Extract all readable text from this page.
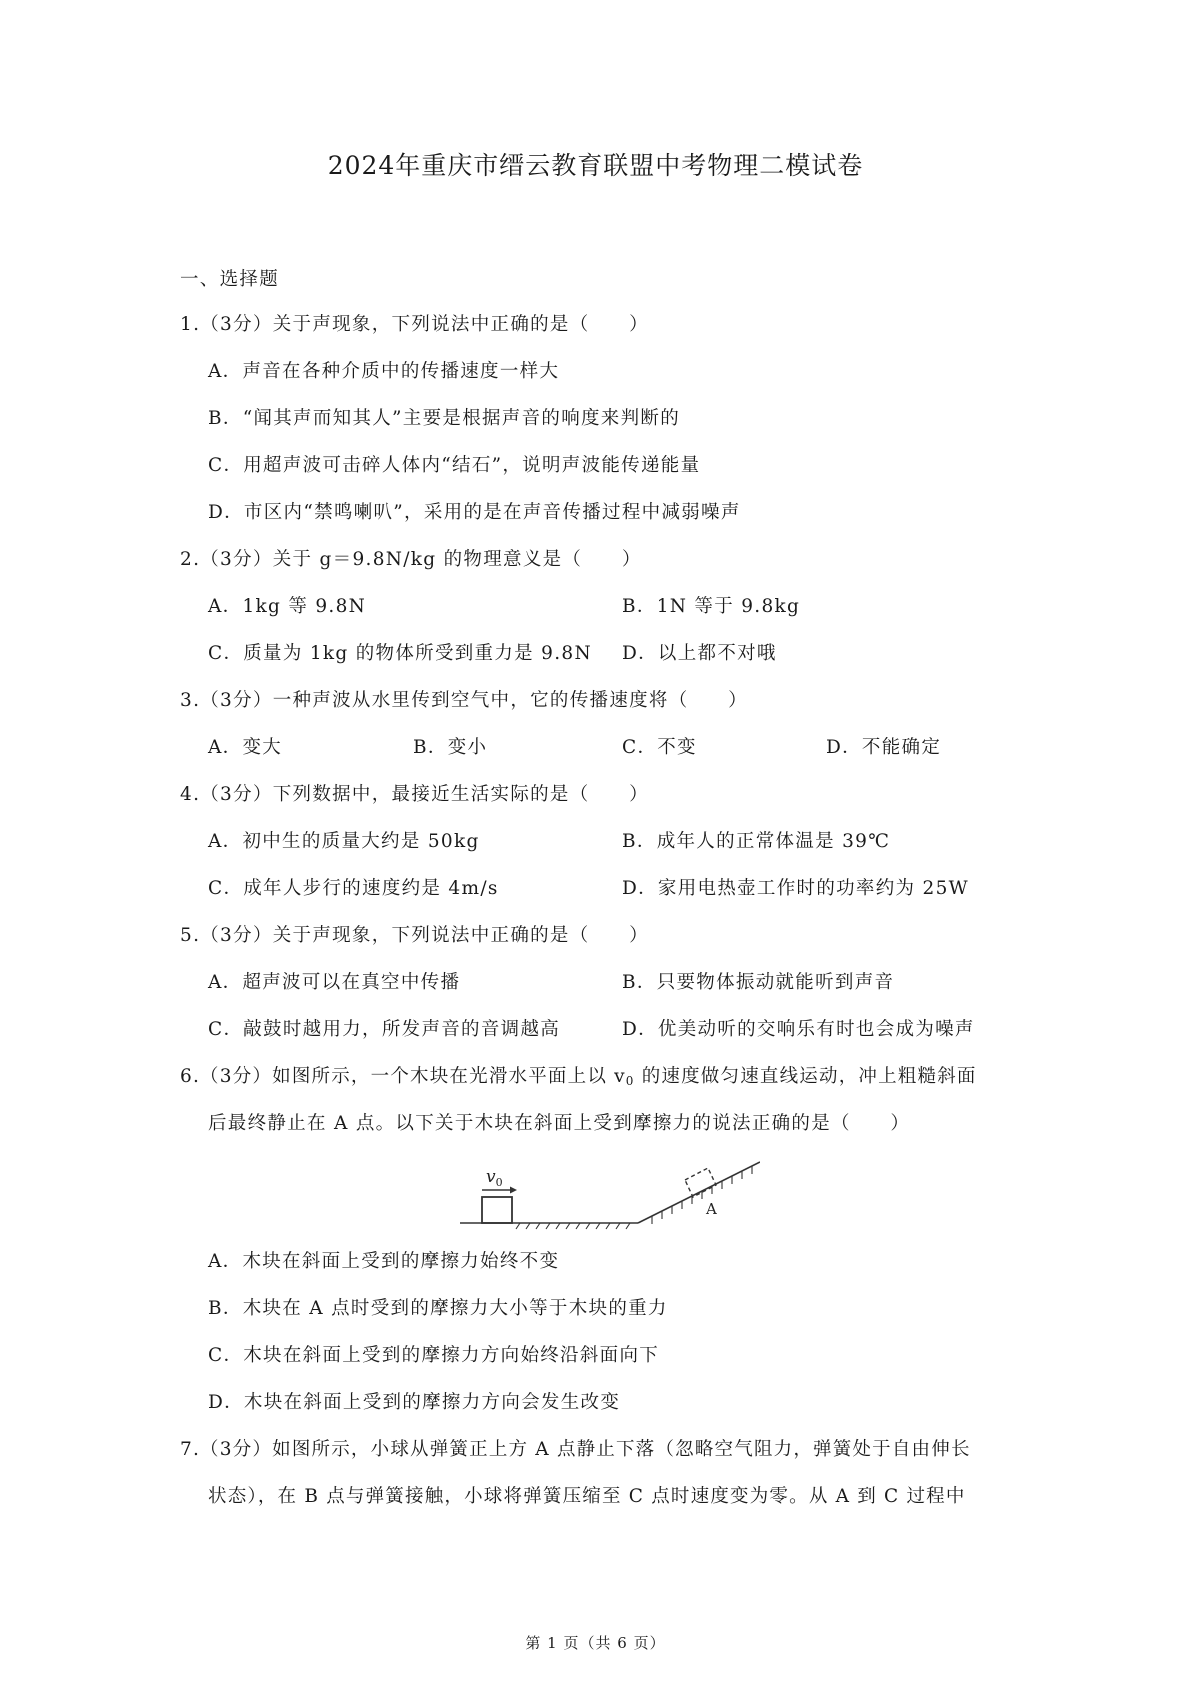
2024年重庆市缙云教育联盟中考物理二模试卷
一、选择题
1.（3分）关于声现象，下列说法中正确的是（　　）
A．声音在各种介质中的传播速度一样大
B．“闻其声而知其人”主要是根据声音的响度来判断的
C．用超声波可击碎人体内“结石”，说明声波能传递能量
D．市区内“禁鸣喇叭”，采用的是在声音传播过程中减弱噪声
2.（3分）关于 g＝9.8N/kg 的物理意义是（　　）
A．1kg 等 9.8N	B．1N 等于 9.8kg
C．质量为 1kg 的物体所受到重力是 9.8N D．以上都不对哦
3.（3分）一种声波从水里传到空气中，它的传播速度将（　　）
A．变大	B．变小	C．不变	D．不能确定
4.（3分）下列数据中，最接近生活实际的是（　　）
A．初中生的质量大约是 50kg	B．成年人的正常体温是 39℃
C．成年人步行的速度约是 4m/s	D．家用电热壶工作时的功率约为 25W
5.（3分）关于声现象，下列说法中正确的是（　　）
A．超声波可以在真空中传播	B．只要物体振动就能听到声音
C．敲鼓时越用力，所发声音的音调越高	D．优美动听的交响乐有时也会成为噪声
6.（3分）如图所示，一个木块在光滑水平面上以 $v_0$ 的速度做匀速直线运动，冲上粗糙斜面
后最终静止在 A 点。以下关于木块在斜面上受到摩擦力的说法正确的是（　　）
$v_0$
A
A．木块在斜面上受到的摩擦力始终不变
B．木块在 A 点时受到的摩擦力大小等于木块的重力
C．木块在斜面上受到的摩擦力方向始终沿斜面向下
D．木块在斜面上受到的摩擦力方向会发生改变
7.（3分）如图所示，小球从弹簧正上方 A 点静止下落（忽略空气阻力，弹簧处于自由伸长
状态），在 B 点与弹簧接触，小球将弹簧压缩至 C 点时速度变为零。从 A 到 C 过程中
第 1 页（共 6 页）
